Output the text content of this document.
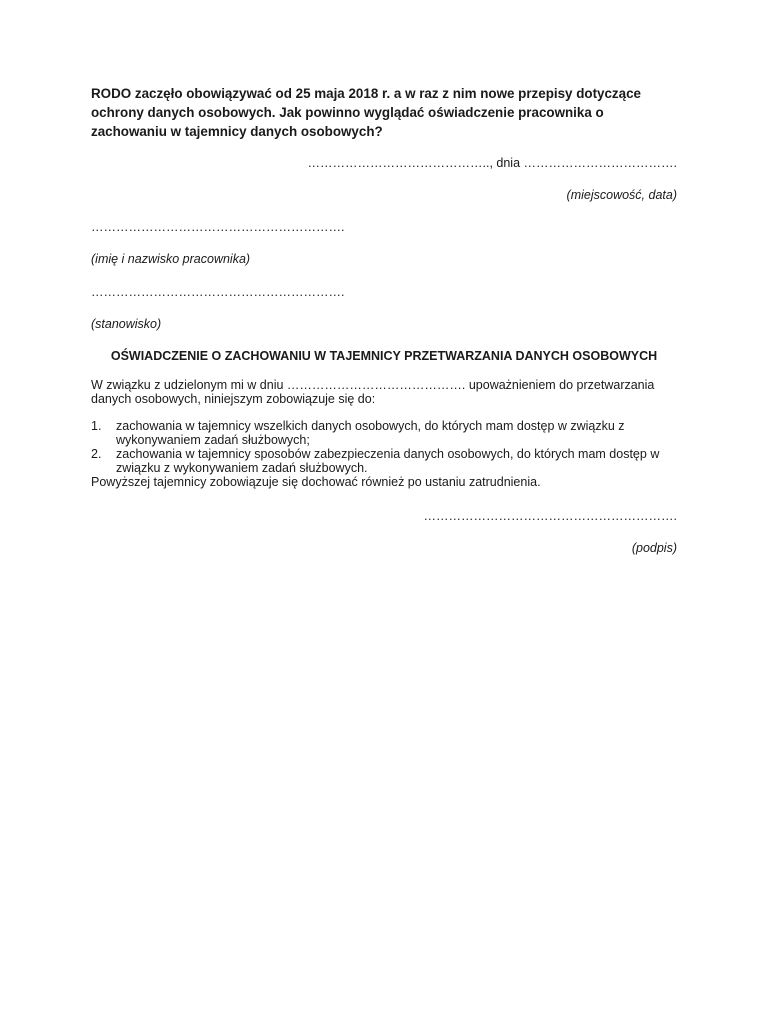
RODO zaczęło obowiązywać od 25 maja 2018 r. a w raz z nim nowe przepisy dotyczące ochrony danych osobowych. Jak powinno wyglądać oświadczenie pracownika o zachowaniu w tajemnicy danych osobowych?

…………………………………….., dnia ……………………………….
(miejscowość, data)
…………………………………………………….
(imię i nazwisko pracownika)
…………………………………………………….
(stanowisko)
OŚWIADCZENIE O ZACHOWANIU W TAJEMNICY PRZETWARZANIA DANYCH OSOBOWYCH
W związku z udzielonym mi w dniu ……………………………………. upoważnieniem do przetwarzania danych osobowych, niniejszym zobowiązuje się do:
1. zachowania w tajemnicy wszelkich danych osobowych, do których mam dostęp w związku z wykonywaniem zadań służbowych;
2. zachowania w tajemnicy sposobów zabezpieczenia danych osobowych, do których mam dostęp w związku z wykonywaniem zadań służbowych.
Powyższej tajemnicy zobowiązuje się dochować również po ustaniu zatrudnienia.
…………………………………………………….
(podpis)
